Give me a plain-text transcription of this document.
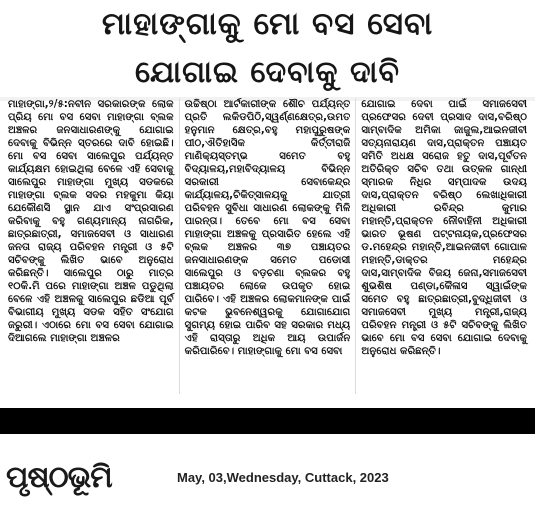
ମାହାଙ୍ଗାକୁ ମୋ ବସ ସେବା
ଯୋଗାଇ ଦେବାକୁ ଦାବି
ମାହାଙ୍ଗା,୨/୫:ନବୀନ ସରକାରଙ୍କ ଲୋକ ପ୍ରିୟ ମୋ ବସ ସେବା ମାହାଙ୍ଗା ବ୍ଲକ ଅଞ୍ଚଳର ଜନସାଧାରଣଙ୍କୁ ଯୋଗାଇ ଦେବାକୁ ବିଭିନ୍ନ ସ୍ତରରେ ଦାବି ହୋଇଛି। ମୋ ବସ ସେବା ସାଲେପୁର ପର୍ଯ୍ୟନ୍ତ କାର୍ଯ୍ୟକ୍ଷମ ହୋଇଥିଲା ବେଳେ ଏହି ସେବାକୁ ସାଲେପୁର ମାହାଙ୍ଗା ମୁଖ୍ୟ ସଡକରେ ମାହାଙ୍ଗା ବ୍ଲକ ସଦର ମହକୁମା କିୟା ଯେକୌଣସି ସ୍ଥାନ ଯାଏ ସଂପ୍ରସାରଣ କରିବାକୁ ବହୁ ଗଣ୍ୟମାନ୍ୟ ନାଗରିକ, ଛାତ୍ରଛାତ୍ରୀ, ସମାଜସେବୀ ଓ ସାଧାରଣ ଜନତା ରାଜ୍ୟ ପରିବହନ ମନ୍ତ୍ରୀ ଓ ୫ଟି ସଚିବଙ୍କୁ ଲିଖିତ ଭାବେ ଅନୁରୋଧ କରିଛନ୍ତି। ସାଲେପୁର ଠାରୁ ମାତ୍ର ୧୦କି.ମି ପରେ ମାହାଙ୍ଗା ଅଞ୍ଚଳ ପଡୁଥିଲା ବେଳେ ଏହି ଅଞ୍ଚଳକୁ ସାଲେପୁର ଛଡିଆ ପୂର୍ବ ବିଭାଗୀୟ ମୁଖ୍ୟ ସଡକ ସହିତ ସଂଯୋଗ ଜରୁରୀ। ଏଠାରେ ମୋ ବସ ସେବା ଯୋଗାଇ ଦିଆଗଲେ ମାହାଙ୍ଗା ଅଞ୍ଚଳର
ଉଚ୍ଚିଷ୍ଠା ଆର୍ଟକାରୀଙ୍କ ଶୌଚ ପର୍ଯ୍ୟନ୍ତ ପ୍ରତି ଲକିଡପିଠି,ସ୍ୱର୍ଣ୍ଣକ୍ଷେତ୍ର,ଉମତ ହନୁମାନ କ୍ଷେତ୍ର,ବହୁ ମହାପୁରୁଷଙ୍କ ପୀଠ,ଐତିହାସିକ କିର୍ତ୍ତୀରାଜି ମାଣିକ୍ୟସ୍ତମ୍ଭ ସମେତ ବହୁ ବିଦ୍ୟାଳୟ,ମହାବିଦ୍ୟାଳୟ ବିଭିନ୍ନ ସରକାରୀ ସେବାକେନ୍ଦ୍ର କାର୍ଯ୍ୟାଳୟ,ଚିକିତ୍ସାଳୟକୁ ଯାତ୍ରୀ ପରିବହନ ସୁବିଧା ସାଧାରଣ ଲୋକଙ୍କୁ ମିଳି ପାରନ୍ତା। ତେବେ ମୋ ବସ ସେବା ମାହାଙ୍ଗା ଅଞ୍ଚଳକୁ ପ୍ରସାରିତ ହେଲେ ଏହି ବ୍ଲକ ଅଞ୍ଚଳର ୩୭ ପଞ୍ଚାୟତର ଜନସାଧାରଣଙ୍କ ସମେତ ପଡୋସୀ ସାଲେପୁର ଓ ବଡ଼ଚଣା ବ୍ଲକର ବହୁ ପଞ୍ଚାୟତର ଲୋକେ ଉପକୃତ ହୋଇ ପାରିବେ। ଏହି ଅଞ୍ଚଳର ଲୋକମାନଙ୍କ ପାଇଁ କଟକ ଭୁବନେଶ୍ୱରକୁ ଯୋଗାଯୋଗ ସୁଗମ୍ୟ ହୋଇ ପାରିବ ସହ ସରକାର ମଧ୍ୟ ଏହି ରାସ୍ତାରୁ ଅଧିକ ଆୟ ଉପାର୍ଜନ କରିପାରିବେ। ମାହାଙ୍ଗାକୁ ମୋ ବସ ସେବା
ଯୋଗାଇ ଦେବା ପାଇଁ ସମାଜସେବୀ ପ୍ରଫେସର ଦେବୀ ପ୍ରସାଦ ଦାସ,ବରିଷ୍ଠ ସାମ୍ବାଦିକ ଅମିକା ଜାଜୁଲ,ଆଇନଜୀବୀ ସତ୍ୟନାରାୟଣ ଦାସ,ପ୍ରାକ୍ତନ ପଞ୍ଚାୟତ ସମିତି ଅଧକ୍ଷ ସରୋଜ ହତୁ ଦାସ,ପୂର୍ବତନ ଅତିରିକ୍ତ ସଚିବ ତଥା ଉତ୍କଳ ଗାନ୍ଧୀ ସ୍ମାରକ ନିଧିର ସମ୍ପାଦକ ଉଦୟ ଦାସ,ପ୍ରାକ୍ତନ ବରିଷ୍ଠ ଲେଖାଧିକାରୀ ଅଧିକାରୀ ରବିନ୍ଦ୍ର କୁମାର ମହାନ୍ତି,ପ୍ରାକ୍ତନ ନୌବାହିନୀ ଅଧିକାରୀ ଭାରତ ଭୂଷଣ ପଟ୍ଟନାୟକ,ପ୍ରଫେସର ଡ.ମହେନ୍ଦ୍ର ମହାନ୍ତି,ଆଇନଜୀବୀ ଗୋପାଳ ମହାନ୍ତି,ଡାକ୍ତର ମହେନ୍ଦ୍ର ଦାସ,ସାମ୍ବାଦିକ ବିଜୟ ଜେନା,ସମାଜସେବୀ ଶୁଭଶିଷ ପଣ୍ଡା,କୈଳାସ ସ୍ୱାଇଁଙ୍କ ସମେତ ବହୁ ଛାତ୍ରଛାତ୍ରୀ,ବୁଦ୍ଧିଜୀବୀ ଓ ସମାଜସେବୀ ମୁଖ୍ୟ ମନ୍ତ୍ରୀ,ରାଜ୍ୟ ପରିବହନ ମନ୍ତ୍ରୀ ଓ ୫ଟି ସଚିବଙ୍କୁ ଲିଖିତ ଭାବେ ମୋ ବସ ସେବା ଯୋଗାଇ ଦେବାକୁ ଅନୁରୋଧ କରିଛନ୍ତି।
ପୃଷ୍ଠଭୂମି	May, 03,Wednesday, Cuttack, 2023
